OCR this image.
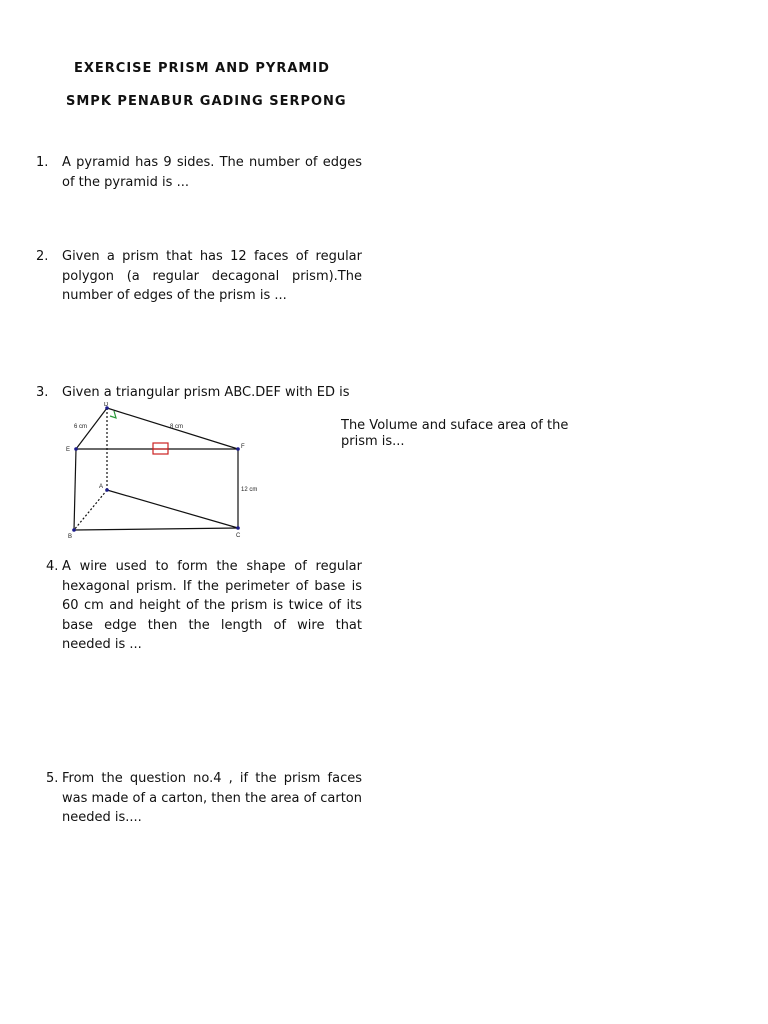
EXERCISE PRISM AND PYRAMID
SMPK PENABUR GADING SERPONG
1. A pyramid has 9 sides. The number of edges of the pyramid is ...
2. Given a prism that has 12 faces of regular polygon (a regular decagonal prism).The number of edges of the prism is ...
3. Given a triangular prism ABC.DEF with ED is
The Volume and suface area of the prism is...
D
E	F
A
B	C
6 cm	8 cm
12 cm
4. A wire used to form the shape of regular hexagonal prism. If the perimeter of base is 60 cm and height of the prism is twice of its base edge then the length of wire that needed is ...
5. From the question no.4 , if the prism faces was made of a carton, then the area of carton needed is....
